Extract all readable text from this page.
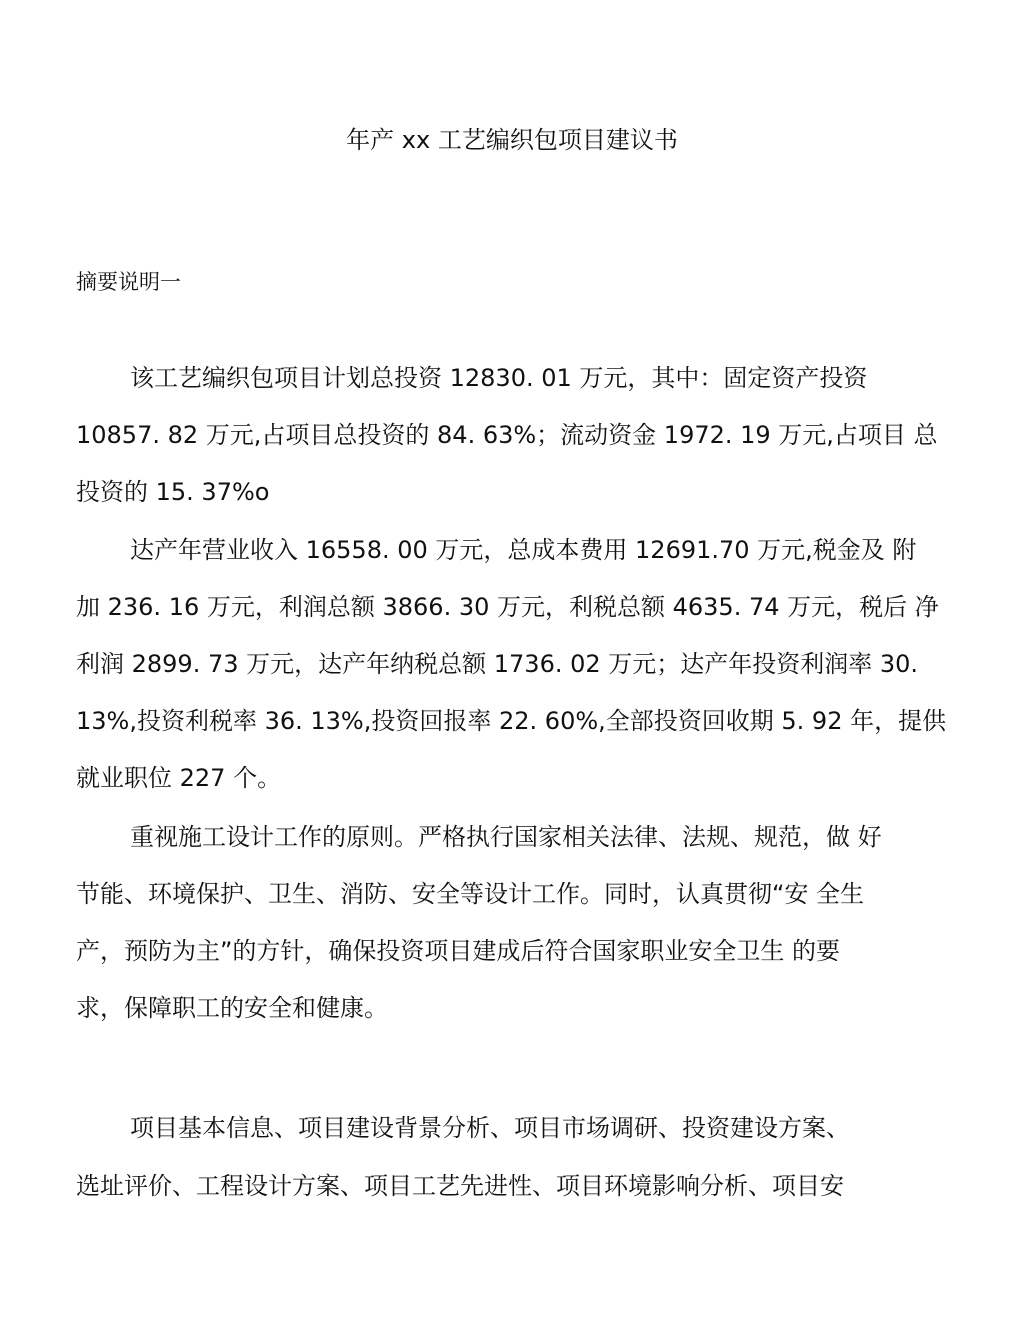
年产 xx 工艺编织包项目建议书
摘要说明一
该工艺编织包项目计划总投资 12830. 01 万元，其中：固定资产投资
10857. 82 万元,占项目总投资的 84. 63%；流动资金 1972. 19 万元,占项目 总
投资的 15. 37%o
达产年营业收入 16558. 00 万元，总成本费用 12691.70 万元,税金及 附
加 236. 16 万元，利润总额 3866. 30 万元，利税总额 4635. 74 万元，税后 净
利润 2899. 73 万元，达产年纳税总额 1736. 02 万元；达产年投资利润率 30.
13%,投资利税率 36. 13%,投资回报率 22. 60%,全部投资回收期 5. 92 年，提供
就业职位 227 个。
重视施工设计工作的原则。严格执行国家相关法律、法规、规范，做 好
节能、环境保护、卫生、消防、安全等设计工作。同时，认真贯彻“安 全生
产，预防为主”的方针，确保投资项目建成后符合国家职业安全卫生 的要
求，保障职工的安全和健康。
项目基本信息、项目建设背景分析、项目市场调研、投资建设方案、
选址评价、工程设计方案、项目工艺先进性、项目环境影响分析、项目安
